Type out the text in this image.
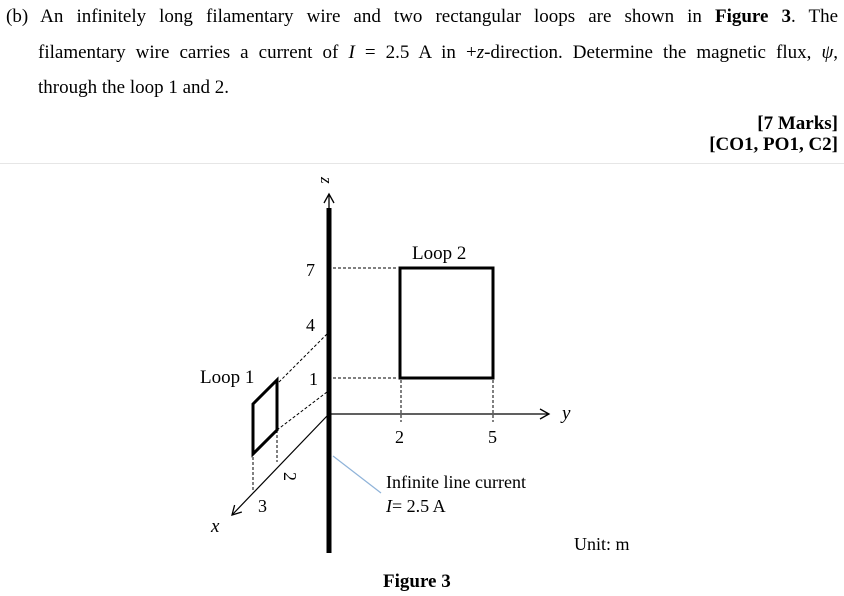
(b) An infinitely long filamentary wire and two rectangular loops are shown in Figure 3. The
filamentary wire carries a current of I = 2.5 A in +z-direction. Determine the magnetic flux, ψ,
through the loop 1 and 2.
[7 Marks]
[CO1, PO1, C2]
z
y
x
Loop 2
Loop 1
7
4
1
2	5
2
3
Infinite line current
I= 2.5 A
Unit: m
Figure 3
